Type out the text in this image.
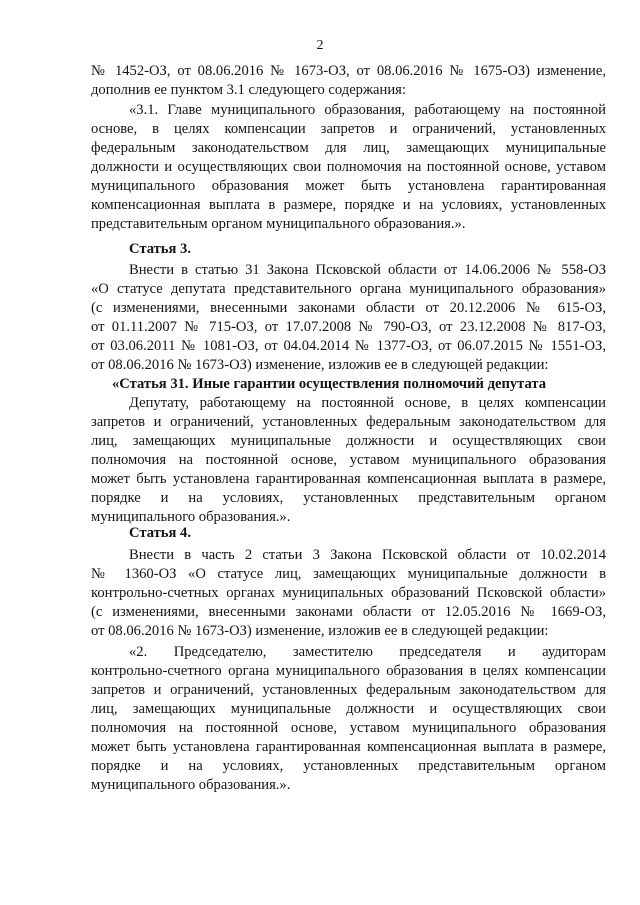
2
№ 1452-ОЗ, от 08.06.2016 № 1673-ОЗ, от 08.06.2016 № 1675-ОЗ) изменение,
дополнив ее пунктом 3.1 следующего содержания:
«3.1. Главе муниципального образования, работающему на постоянной
основе, в целях компенсации запретов и ограничений, установленных
федеральным законодательством для лиц, замещающих муниципальные
должности и осуществляющих свои полномочия на постоянной основе, уставом
муниципального образования может быть установлена гарантированная
компенсационная выплата в размере, порядке и на условиях, установленных
представительным органом муниципального образования.».
Статья 3.
Внести в статью 31 Закона Псковской области от 14.06.2006 № 558-ОЗ
«О статусе депутата представительного органа муниципального образования»
(с изменениями, внесенными законами области от 20.12.2006 № 615-ОЗ,
от 01.11.2007 № 715-ОЗ, от 17.07.2008 № 790-ОЗ, от 23.12.2008 № 817-ОЗ,
от 03.06.2011 № 1081-ОЗ, от 04.04.2014 № 1377-ОЗ, от 06.07.2015 № 1551-ОЗ,
от 08.06.2016 № 1673-ОЗ) изменение, изложив ее в следующей редакции:
«Статья 31. Иные гарантии осуществления полномочий депутата
Депутату, работающему на постоянной основе, в целях компенсации
запретов и ограничений, установленных федеральным законодательством для
лиц, замещающих муниципальные должности и осуществляющих свои
полномочия на постоянной основе, уставом муниципального образования
может быть установлена гарантированная компенсационная выплата в размере,
порядке и на условиях, установленных представительным органом
муниципального образования.».
Статья 4.
Внести в часть 2 статьи 3 Закона Псковской области от 10.02.2014
№ 1360-ОЗ «О статусе лиц, замещающих муниципальные должности в
контрольно-счетных органах муниципальных образований Псковской области»
(с изменениями, внесенными законами области от 12.05.2016 № 1669-ОЗ,
от 08.06.2016 № 1673-ОЗ) изменение, изложив ее в следующей редакции:
«2. Председателю, заместителю председателя и аудиторам
контрольно-счетного органа муниципального образования в целях компенсации
запретов и ограничений, установленных федеральным законодательством для
лиц, замещающих муниципальные должности и осуществляющих свои
полномочия на постоянной основе, уставом муниципального образования
может быть установлена гарантированная компенсационная выплата в размере,
порядке и на условиях, установленных представительным органом
муниципального образования.».
